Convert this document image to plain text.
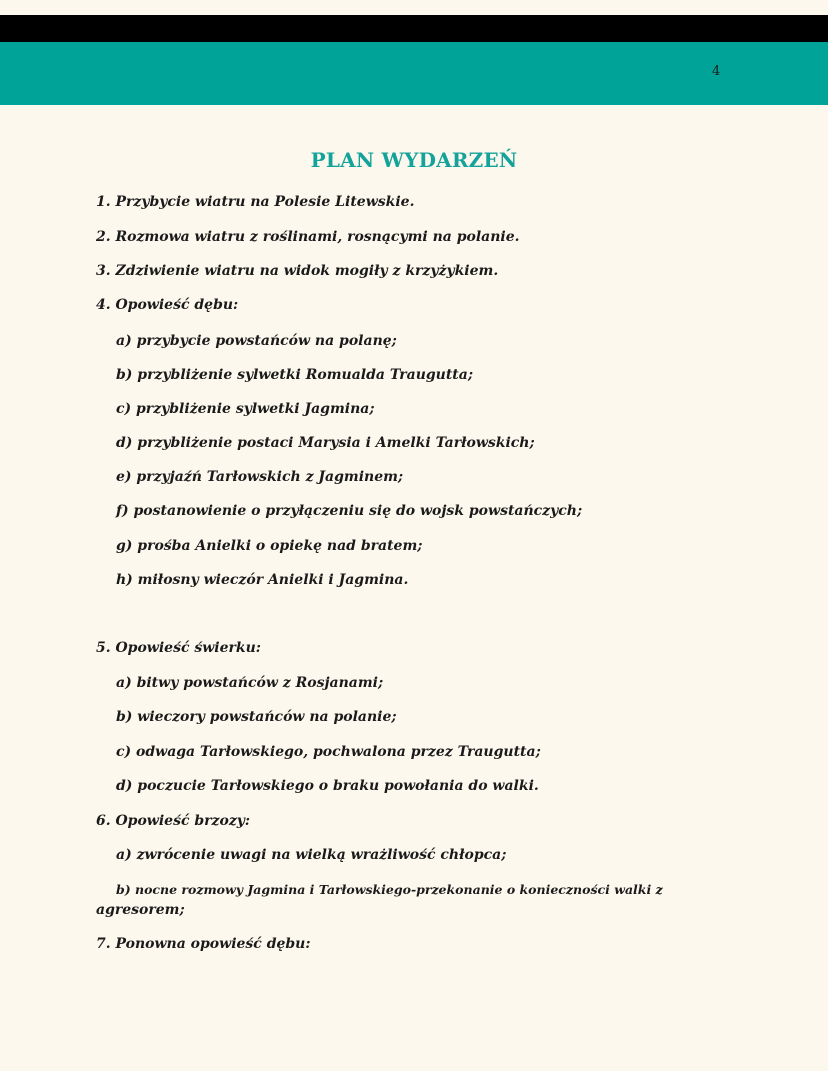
4
PLAN WYDARZEŃ
1. Przybycie wiatru na Polesie Litewskie.
2. Rozmowa wiatru z roślinami, rosnącymi na polanie.
3. Zdziwienie wiatru na widok mogiły z krzyżykiem.
4. Opowieść dębu:
a) przybycie powstańców na polanę;
b) przybliżenie sylwetki Romualda Traugutta;
c) przybliżenie sylwetki Jagmina;
d) przybliżenie postaci Marysia i Amelki Tarłowskich;
e) przyjaźń Tarłowskich z Jagminem;
f) postanowienie o przyłączeniu się do wojsk powstańczych;
g) prośba Anielki o opiekę nad bratem;
h) miłosny wieczór Anielki i Jagmina.
5. Opowieść świerku:
a) bitwy powstańców z Rosjanami;
b) wieczory powstańców na polanie;
c) odwaga Tarłowskiego, pochwalona przez Traugutta;
d) poczucie Tarłowskiego o braku powołania do walki.
6. Opowieść brzozy:
a) zwrócenie uwagi na wielką wrażliwość chłopca;
b) nocne rozmowy Jagmina i Tarłowskiego-przekonanie o konieczności walki z
agresorem;
7. Ponowna opowieść dębu:
